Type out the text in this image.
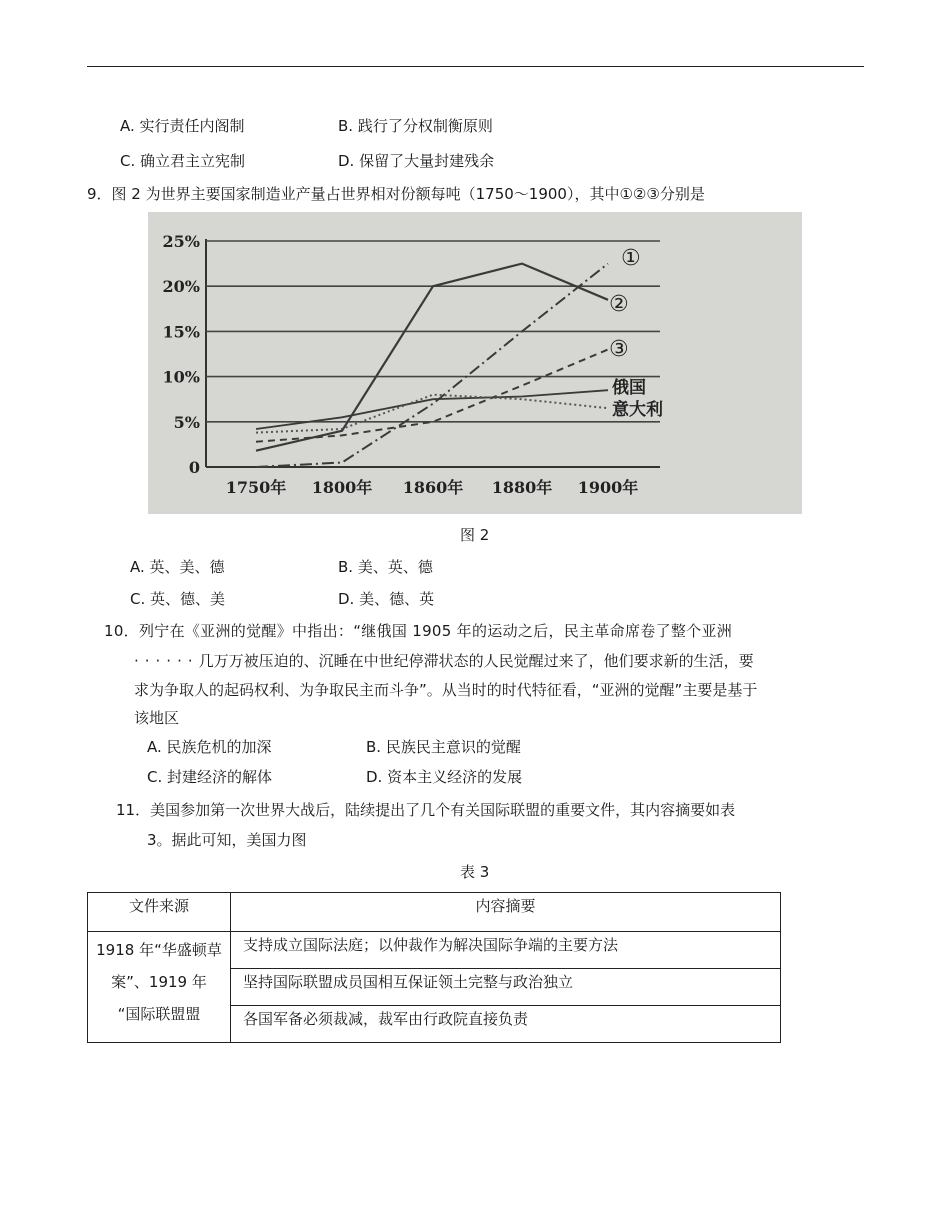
A. 实行责任内阁制	B. 践行了分权制衡原则
C. 确立君主立宪制	D. 保留了大量封建残余
9．图 2 为世界主要国家制造业产量占世界相对份额每吨（1750～1900），其中①②③分别是
0
5%
10%
15%
20%
25%
1750年 1800年 1860年 1880年 1900年
①
②
③
俄国
意大利
图 2
A. 英、美、德	B. 美、英、德
C. 英、德、美	D. 美、德、英
10．列宁在《亚洲的觉醒》中指出：“继俄国 1905 年的运动之后，民主革命席卷了整个亚洲
······几万万被压迫的、沉睡在中世纪停滞状态的人民觉醒过来了，他们要求新的生活，要
求为争取人的起码权利、为争取民主而斗争”。从当时的时代特征看，“亚洲的觉醒”主要是基于
该地区
A. 民族危机的加深	B. 民族民主意识的觉醒
C. 封建经济的解体	D. 资本主义经济的发展
11．美国参加第一次世界大战后，陆续提出了几个有关国际联盟的重要文件，其内容摘要如表
3。据此可知，美国力图
表 3
文件来源	内容摘要

1918 年“华盛顿草
案”、1919 年
“国际联盟盟	支持成立国际法庭；以仲裁作为解决国际争端的主要方法
	坚持国际联盟成员国相互保证领土完整与政治独立
	各国军备必须裁减，裁军由行政院直接负责
